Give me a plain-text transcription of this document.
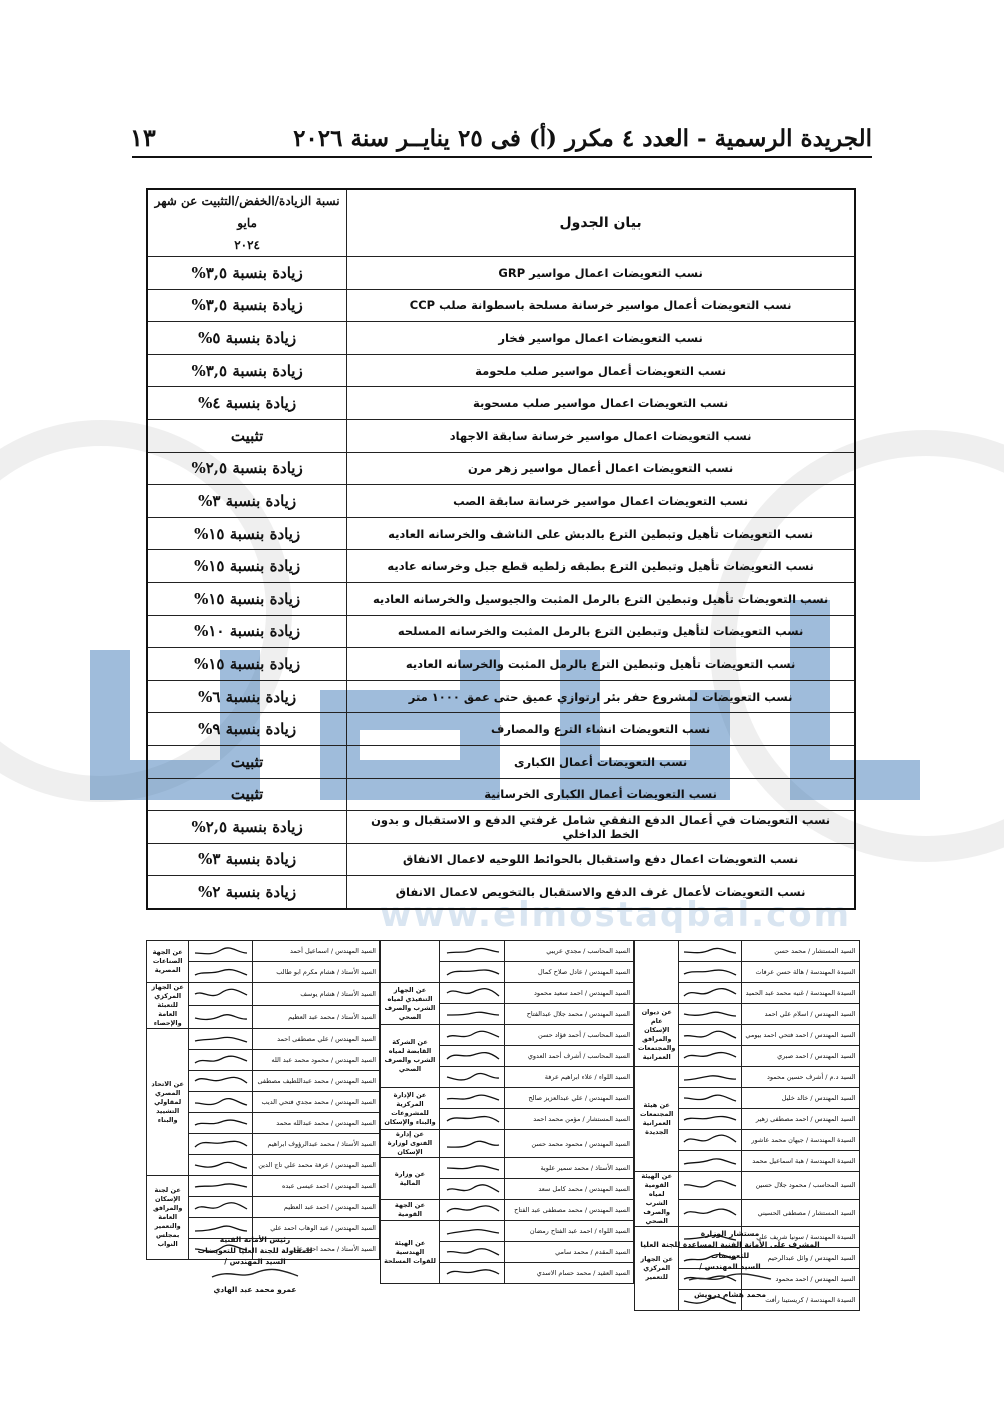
الجريدة الرسمية - العدد ٤ مكرر (أ) فى ٢٥ ينايــر سنة ٢٠٢٦
١٣
www.elmostaqbal.com
بيان الجدول	نسبة الزيادة/الخفض/التثبيت عن شهر مايو
٢٠٢٤

نسب التعويضات اعمال مواسير GRP	زيادة بنسبة ٣,٥%
نسب التعويضات أعمال مواسير خرسانة مسلحة باسطوانة صلب CCP	زيادة بنسبة ٣,٥%
نسب التعويضات اعمال مواسير فخار	زيادة بنسبة ٥%
نسب التعويضات أعمال مواسير صلب ملحومة	زيادة بنسبة ٣,٥%
نسب التعويضات اعمال مواسير صلب مسحوبة	زيادة بنسبة ٤%
نسب التعويضات اعمال مواسير خرسانة سابقة الاجهاد	تثبيت
نسب التعويضات اعمال أعمال مواسير زهر مرن	زيادة بنسبة ٢,٥%
نسب التعويضات اعمال مواسير خرسانة سابقة الصب	زيادة بنسبة ٣%
نسب التعويضات تأهيل وتبطين الترع بالدبش على الناشف والخرسانه العاديه	زيادة بنسبة ١٥%
نسب التعويضات تأهيل وتبطين الترع بطبقه زلطيه قطع جبل وخرسانه عاديه	زيادة بنسبة ١٥%
نسب التعويضات تأهيل وتبطين الترع بالرمل المثبت والجيوسيل والخرسانه العاديه	زيادة بنسبة ١٥%
نسب التعويضات لتأهيل وتبطين الترع بالرمل المثبت والخرسانه المسلحه	زيادة بنسبة ١٠%
نسب التعويضات تأهيل وتبطين الترع بالرمل المثبت والخرسانه العاديه	زيادة بنسبة ١٥%
نسب التعويضات لمشروع حفر بئر ارتوازي عميق حتى عمق ١٠٠٠ متر	زيادة بنسبة ٦%
نسب التعويضات انشاء الترع والمصارف	زيادة بنسبة ٩%
نسب التعويضات أعمال الكبارى	تثبيت
نسب التعويضات أعمال الكبارى الخرسانية	تثبيت
نسب التعويضات في أعمال الدفع النفقي شامل غرفتي الدفع و الاستقبال و بدون الخط الداخلي	زيادة بنسبة ٢,٥%
نسب التعويضات اعمال دفع واستقبال بالحوائط اللوحيه لاعمال الانفاق	زيادة بنسبة ٣%
نسب التعويضات لأعمال غرف الدفع والاستقبال بالتخويص لاعمال الانفاق	زيادة بنسبة ٢%
السيد المستشار / محمد حسن	

السيدة المهندسة / هالة حسن عرفات	

السيدة المهندسة / غنيه محمد عبد الحميد	

السيد المهندس / اسلام علي احمد		عن ديوان عام الإسكان والمرافق والمجتمعات العمرانية
السيد المهندس / احمد فتحي احمد بيومي	

السيد المهندس / احمد صبري	

السيد د.م / أشرف حسين محمود		عن هيئة المجتمعات العمرانية الجديدة
السيد المهندس / خالد خليل	

السيد المهندس / احمد مصطفى زهير	

السيدة المهندسة / جيهان محمد عاشور	

السيدة المهندسة / هبة اسماعيل محمد	

السيد المحاسب / محمود جلال حسين		عن الهيئة القومية لمياه الشرب والصرف الصحي
السيد المستشار / مصطفى الحسيني	

السيدة المهندسة / سونيا شريف علي		عن الجهاز المركزي للتعمير
السيد المهندس / وائل عبدالرحيم	

السيد المهندس / احمد محمود	

السيدة المهندسة / كريستينا رأفت	
السيد المحاسب / مجدي عريبي	

السيد المهندس / عادل صلاح كمال	

السيد المهندس / احمد سعيد محمود		عن الجهاز التنفيذي لمياه الشرب والصرف الصحي
السيد المهندس / محمد جلال عبدالفتاح	

السيد المحاسب / أحمد فؤاد حسن		عن الشركة القابضة لمياه الشرب والصرف الصحي
السيد المحاسب / أشرف أحمد العدوي	

السيد اللواء / علاء ابراهيم عرفة	

السيد المهندس / علي عبدالعزيز صالح		عن الإدارة المركزية للمشروعات والبناء والإسكان
السيد المستشار / مؤمن محمد احمد	

السيد المهندس / محمود محمد حسن		عن إدارة الفتوى لوزارة الإسكان
السيد الأستاذ / محمد سمير علوية		عن وزارة المالية
السيد المهندس / محمد كامل سعد	

السيد المهندس / محمد مصطفى عبد الفتاح		عن الجهة القومية
السيد اللواء / احمد عبد الفتاح رمضان		عن الهيئة الهندسية للقوات المسلحة
السيد المقدم / محمد سامي	

السيد العقيد / محمد حسام الاسدي	
السيد المهندس / اسماعيل أحمد		عن الجهة الصناعات المصرية
السيد الأستاذ / هشام مكرم ابو طالب	

السيد الأستاذ / هشام يوسف		عن الجهاز المركزي للتعبئة العامة والإحصاء
السيد الأستاذ / محمد عبد العظيم	

السيد المهندس / علي مصطفى احمد		عن الاتحاد المصري لمقاولي التشييد والبناء
السيد المهندس / محمود محمد عبد الله	

السيد المهندس / محمد عبداللطيف مصطفى	

السيد المهندس / محمد مجدي فتحي الديب	

السيد المهندس / محمد عبدالله محمد	

السيد الأستاذ / محمد عبدالرؤوف ابراهيم	

السيد المهندس / عرفة محمد علي تاج الدين	

السيد المهندس / احمد عيسى عبده		عن لجنة الإسكان والمرافق العامة والتعمير بمجلس النواب
السيد المهندس / احمد عبد العظيم	

السيد المهندس / عبد الوهاب احمد علي	

السيد الأستاذ / محمد احمد علي	
رئيس الأمانة الفنية
للمقاولة للجنة العليا للتعويضات
السيد المهندس /
عمرو محمد عبد الهادي
مستشار الوزارة
المشرف على الأمانة الفنية المساعدة للجنة العليا للتعويضات
السيد المهندس /
محمد هشام درويش
